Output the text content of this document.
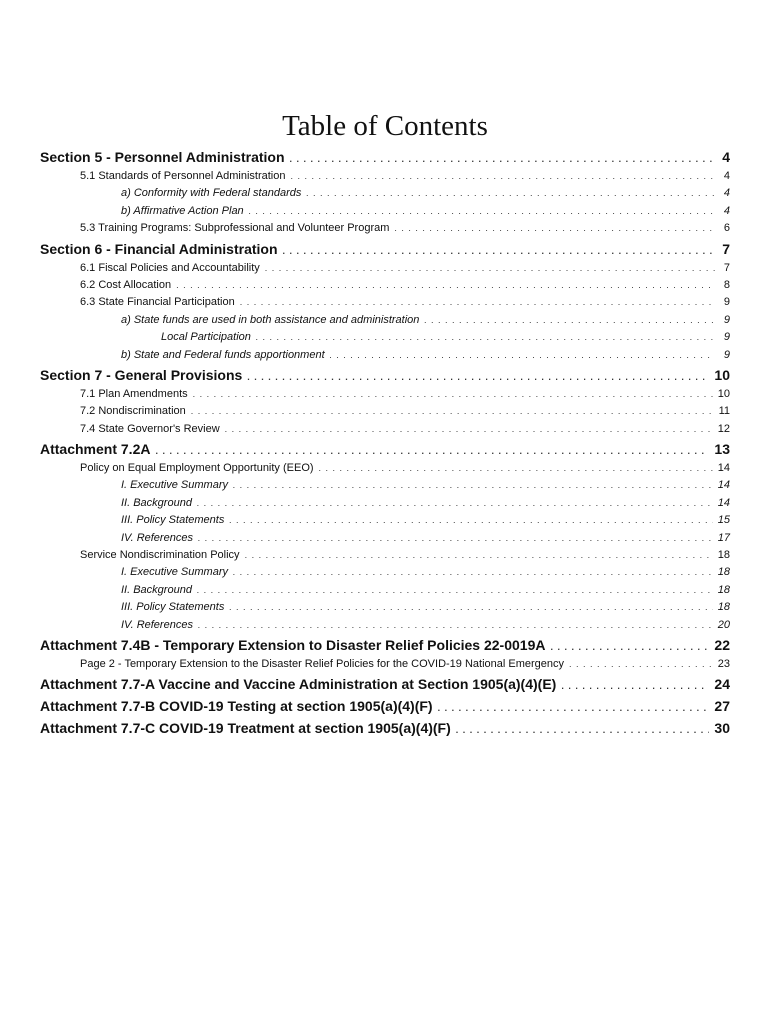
Table of Contents
Section 5 - Personnel Administration . . .	4
5.1 Standards of Personnel Administration . . .	4
a) Conformity with Federal standards . . .	4
b) Affirmative Action Plan . . .	4
5.3 Training Programs: Subprofessional and Volunteer Program . . .	6
Section 6 - Financial Administration . . .	7
6.1 Fiscal Policies and Accountability . . .	7
6.2 Cost Allocation . . .	8
6.3 State Financial Participation . . .	9
a) State funds are used in both assistance and administration . . .	9
Local Participation . . .	9
b) State and Federal funds apportionment . . .	9
Section 7 - General Provisions . . .	10
7.1 Plan Amendments . . .	10
7.2 Nondiscrimination . . .	11
7.4 State Governor's Review . . .	12
Attachment 7.2A . . .	13
Policy on Equal Employment Opportunity (EEO) . . .	14
I. Executive Summary . . .	14
II. Background . . .	14
III. Policy Statements . . .	15
IV. References . . .	17
Service Nondiscrimination Policy . . .	18
I. Executive Summary . . .	18
II. Background . . .	18
III. Policy Statements . . .	18
IV. References . . .	20
Attachment 7.4B - Temporary Extension to Disaster Relief Policies 22-0019A . . .	22
Page 2 - Temporary Extension to the Disaster Relief Policies for the COVID-19 National Emergency . . .	23
Attachment 7.7-A Vaccine and Vaccine Administration at Section 1905(a)(4)(E) . . .	24
Attachment 7.7-B COVID-19 Testing at section 1905(a)(4)(F) . . .	27
Attachment 7.7-C COVID-19 Treatment at section 1905(a)(4)(F) . . .	30
